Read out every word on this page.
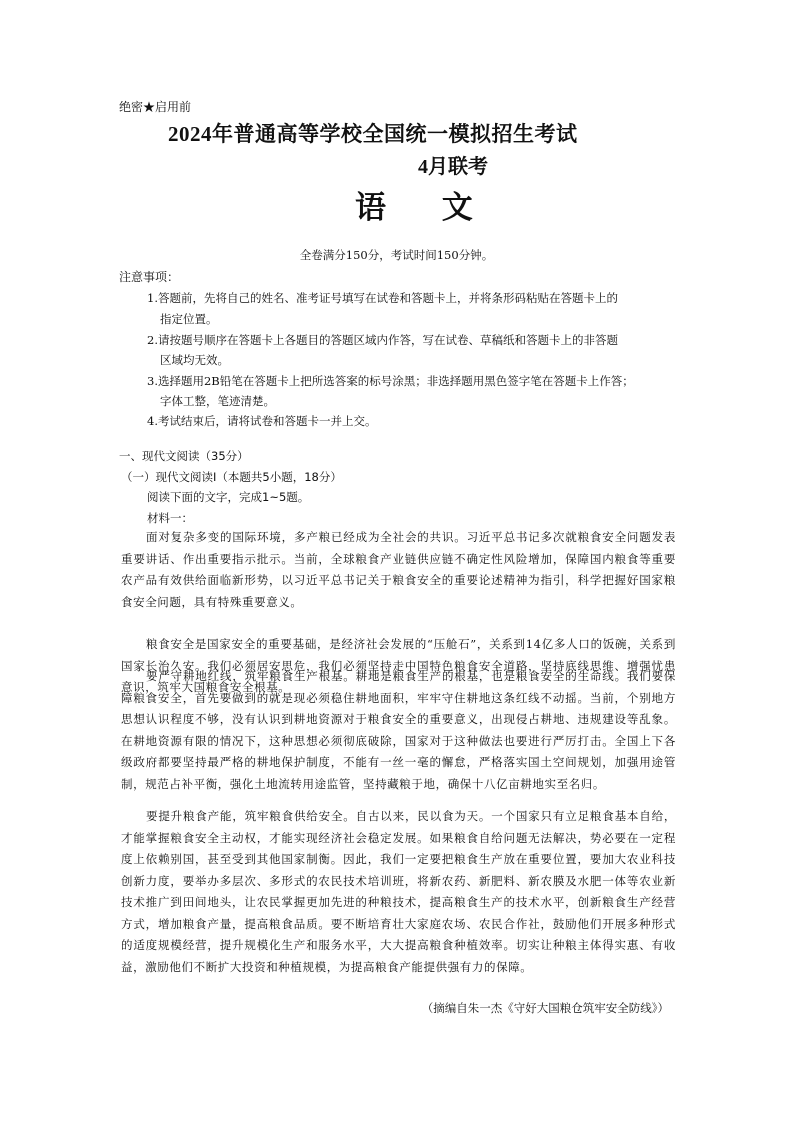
绝密★启用前
2024年普通高等学校全国统一模拟招生考试
4月联考
语 文
全卷满分150分，考试时间150分钟。
注意事项：
1.答题前，先将自己的姓名、准考证号填写在试卷和答题卡上，并将条形码粘贴在答题卡上的
指定位置。
2.请按题号顺序在答题卡上各题目的答题区域内作答，写在试卷、草稿纸和答题卡上的非答题
区域均无效。
3.选择题用2B铅笔在答题卡上把所选答案的标号涂黑；非选择题用黑色签字笔在答题卡上作答；
字体工整，笔迹清楚。
4.考试结束后，请将试卷和答题卡一并上交。
一、现代文阅读（35分）
（一）现代文阅读Ⅰ（本题共5小题，18分）
阅读下面的文字，完成1~5题。
材料一：
面对复杂多变的国际环境，多产粮已经成为全社会的共识。习近平总书记多次就粮食安全问题发表重要讲话、作出重要指示批示。当前，全球粮食产业链供应链不确定性风险增加，保障国内粮食等重要农产品有效供给面临新形势，以习近平总书记关于粮食安全的重要论述精神为指引，科学把握好国家粮食安全问题，具有特殊重要意义。
粮食安全是国家安全的重要基础，是经济社会发展的“压舱石”，关系到14亿多人口的饭碗，关系到国家长治久安。我们必须居安思危，我们必须坚持走中国特色粮食安全道路，坚持底线思维、增强忧患意识，筑牢大国粮食安全根基。
要严守耕地红线，筑牢粮食生产根基。耕地是粮食生产的根基，也是粮食安全的生命线。我们要保障粮食安全，首先要做到的就是现必须稳住耕地面积，牢牢守住耕地这条红线不动摇。当前，个别地方思想认识程度不够，没有认识到耕地资源对于粮食安全的重要意义，出现侵占耕地、违规建设等乱象。在耕地资源有限的情况下，这种思想必须彻底破除，国家对于这种做法也要进行严厉打击。全国上下各级政府都要坚持最严格的耕地保护制度，不能有一丝一毫的懈怠，严格落实国土空间规划，加强用途管制，规范占补平衡，强化土地流转用途监管，坚持藏粮于地，确保十八亿亩耕地实至名归。
要提升粮食产能，筑牢粮食供给安全。自古以来，民以食为天。一个国家只有立足粮食基本自给，才能掌握粮食安全主动权，才能实现经济社会稳定发展。如果粮食自给问题无法解决，势必要在一定程度上依赖别国，甚至受到其他国家制衡。因此，我们一定要把粮食生产放在重要位置，要加大农业科技创新力度，要举办多层次、多形式的农民技术培训班，将新农药、新肥料、新农膜及水肥一体等农业新技术推广到田间地头，让农民掌握更加先进的种粮技术，提高粮食生产的技术水平，创新粮食生产经营方式，增加粮食产量，提高粮食品质。要不断培育壮大家庭农场、农民合作社，鼓励他们开展多种形式的适度规模经营，提升规模化生产和服务水平，大大提高粮食种植效率。切实让种粮主体得实惠、有收益，激励他们不断扩大投资和种植规模，为提高粮食产能提供强有力的保障。
（摘编自朱一杰《守好大国粮仓筑牢安全防线》）
